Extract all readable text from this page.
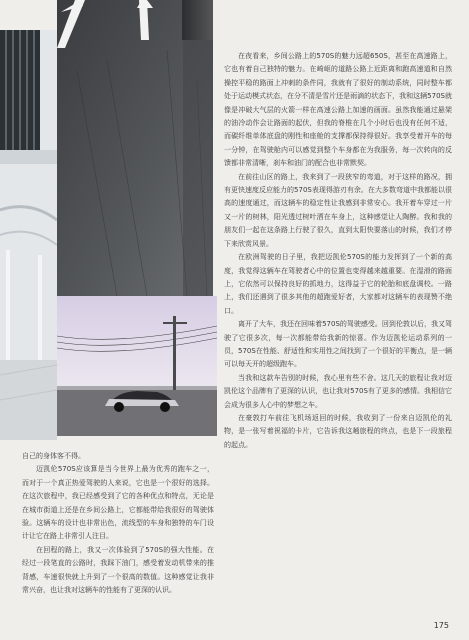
在夜看来，乡间公路上的570S的魅力远超650S，甚至在高速路上，它也有着自己独特的魅力。在崎岖的道路公路上近距离和跑高速道和自然操控平稳的路面上冲刺的条件同，我就有了很好的制动系统，同时整车都处于运动模式状态，在分不清是雪片还是雨滴的状态下，我和这辆570S就像是冲破大气层的火箭一样在高速公路上加速的画面。虽然我能通过悬架的油冷动作会让路面的起伏，但我的脊椎在几个小时后也没有任何不适，而碳纤维单体底盘的刚性和座舱的支撑都保持得很好。我享受着开车的每一分钟，在驾驶舱内可以感觉到整个车身都在为我服务，每一次转向的反馈都非常清晰，刹车和油门的配合也非常默契。

在前往山区的路上，我来到了一段狭窄的弯道，对于这样的路况，拥有更快速度反应能力的570S表现得游刃有余。在大多数弯道中我都能以很高的速度通过，而这辆车的稳定性让我感到非常安心。我开着车穿过一片又一片的树林，阳光透过树叶洒在车身上，这种感觉让人陶醉。我和我的朋友们一起在这条路上行驶了很久，直到太阳快要落山的时候，我们才停下来欣赏风景。

在欧洲驾驶的日子里，我把迈凯伦570S的能力发挥到了一个新的高度，我觉得这辆车在驾驶者心中的位置也变得越来越重要。在湿滑的路面上，它依然可以保持良好的抓地力，这得益于它的轮胎和底盘调校。一路上，我们还遇到了很多其他的超跑爱好者，大家都对这辆车的表现赞不绝口。

离开了大车，我还在回味着570S的驾驶感受。回到伦敦以后，我又驾驶了它很多次，每一次都能带给我新的惊喜。作为迈凯伦运动系列的一员，570S在性能、舒适性和实用性之间找到了一个很好的平衡点，是一辆可以每天开的超级跑车。

当我和这款车告别的时候，我心里有些不舍。这几天的旅程让我对迈凯伦这个品牌有了更深的认识，也让我对570S有了更多的感情。我相信它会成为很多人心中的梦想之车。

在豪敦打车前往飞机场返回的时候，我收到了一份来自迈凯伦的礼物，是一张写着祝福的卡片，它告诉我这趟旅程的终点，也是下一段旅程的起点。

自己的身体客不得。

迈凯伦570S应该算是当今世界上最为优秀的跑车之一，而对于一个真正热爱驾驶的人来说，它也是一个很好的选择。在这次旅程中，我已经感受到了它的各种优点和特点，无论是在城市街道上还是在乡间公路上，它都能带给我很好的驾驶体验。这辆车的设计也非常出色，流线型的车身和独特的车门设计让它在路上非常引人注目。

在回程的路上，我又一次体验到了570S的强大性能。在经过一段笔直的公路时，我踩下油门，感受着发动机带来的推背感，车速很快就上升到了一个很高的数值。这种感觉让我非常兴奋，也让我对这辆车的性能有了更深的认识。

175
